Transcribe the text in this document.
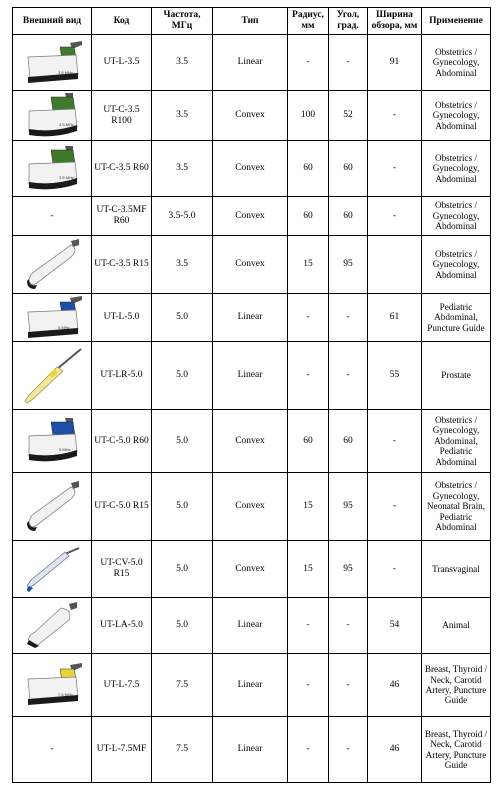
Внешний вид	Код	Частота, МГц	Тип	Радиус, мм	Угол, град.	Ширина обзора, мм	Применение

3.5 MHz	UT-L-3.5	3.5	Linear	-	-	91	Obstetrics / Gynecology, Abdominal

3.5 MHz	UT-C-3.5 R100	3.5	Convex	100	52	-	Obstetrics / Gynecology, Abdominal

3.5 MHz	UT-C-3.5 R60	3.5	Convex	60	60	-	Obstetrics / Gynecology, Abdominal
-	UT-C-3.5MF R60	3.5-5.0	Convex	60	60	-	Obstetrics / Gynecology, Abdominal

	UT-C-3.5 R15	3.5	Convex	15	95		Obstetrics / Gynecology, Abdominal

5 MHz	UT-L-5.0	5.0	Linear	-	-	61	Pediatric Abdominal, Puncture Guide

	UT-LR-5.0	5.0	Linear	-	-	55	Prostate

5 MHz	UT-C-5.0 R60	5.0	Convex	60	60	-	Obstetrics / Gynecology, Abdominal, Pediatric Abdominal

	UT-C-5.0 R15	5.0	Convex	15	95	-	Obstetrics / Gynecology, Neonatal Brain, Pediatric Abdominal

	UT-CV-5.0 R15	5.0	Convex	15	95	-	Transvaginal

	UT-LA-5.0	5.0	Linear	-	-	54	Animal

7.5 MHz	UT-L-7.5	7.5	Linear	-	-	46	Breast, Thyroid / Neck, Carotid Artery, Puncture Guide
-	UT-L-7.5MF	7.5	Linear	-	-	46	Breast, Thyroid / Neck, Carotid Artery, Puncture Guide
